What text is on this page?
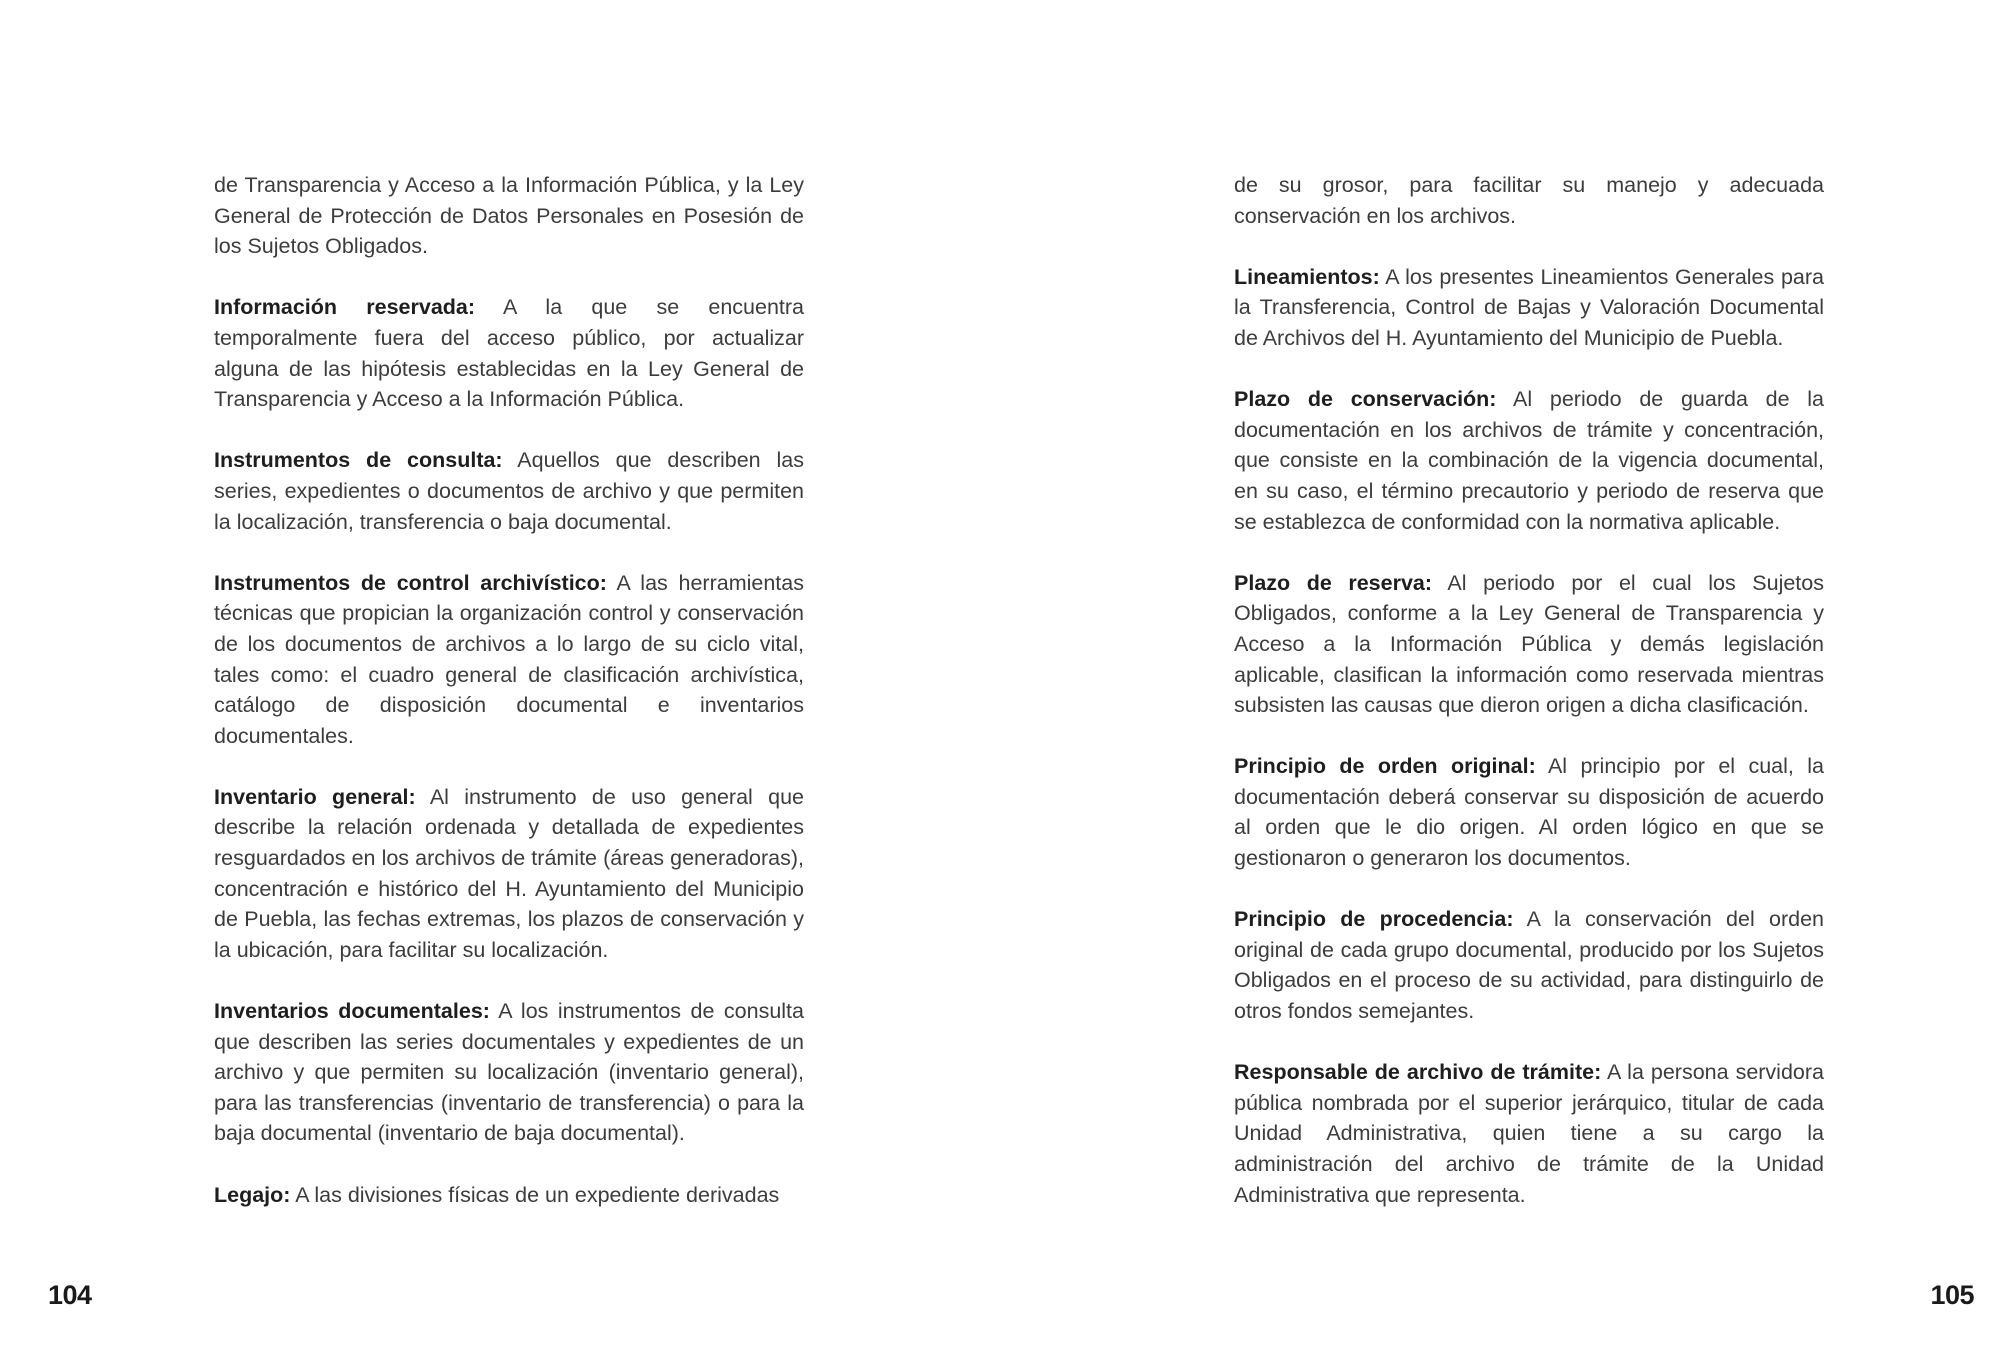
de Transparencia y Acceso a la Información Pública, y la Ley General de Protección de Datos Personales en Posesión de los Sujetos Obligados.

Información reservada: A la que se encuentra temporalmente fuera del acceso público, por actualizar alguna de las hipótesis establecidas en la Ley General de Transparencia y Acceso a la Información Pública.

Instrumentos de consulta: Aquellos que describen las series, expedientes o documentos de archivo y que permiten la localización, transferencia o baja documental.

Instrumentos de control archivístico: A las herramientas técnicas que propician la organización control y conservación de los documentos de archivos a lo largo de su ciclo vital, tales como: el cuadro general de clasificación archivística, catálogo de disposición documental e inventarios documentales.

Inventario general: Al instrumento de uso general que describe la relación ordenada y detallada de expedientes resguardados en los archivos de trámite (áreas generadoras), concentración e histórico del H. Ayuntamiento del Municipio de Puebla, las fechas extremas, los plazos de conservación y la ubicación, para facilitar su localización.

Inventarios documentales: A los instrumentos de consulta que describen las series documentales y expedientes de un archivo y que permiten su localización (inventario general), para las transferencias (inventario de transferencia) o para la baja documental (inventario de baja documental).

Legajo: A las divisiones físicas de un expediente derivadas

104

de su grosor, para facilitar su manejo y adecuada conservación en los archivos.

Lineamientos: A los presentes Lineamientos Generales para la Transferencia, Control de Bajas y Valoración Documental de Archivos del H. Ayuntamiento del Municipio de Puebla.

Plazo de conservación: Al periodo de guarda de la documentación en los archivos de trámite y concentración, que consiste en la combinación de la vigencia documental, en su caso, el término precautorio y periodo de reserva que se establezca de conformidad con la normativa aplicable.

Plazo de reserva: Al periodo por el cual los Sujetos Obligados, conforme a la Ley General de Transparencia y Acceso a la Información Pública y demás legislación aplicable, clasifican la información como reservada mientras subsisten las causas que dieron origen a dicha clasificación.

Principio de orden original: Al principio por el cual, la documentación deberá conservar su disposición de acuerdo al orden que le dio origen. Al orden lógico en que se gestionaron o generaron los documentos.

Principio de procedencia: A la conservación del orden original de cada grupo documental, producido por los Sujetos Obligados en el proceso de su actividad, para distinguirlo de otros fondos semejantes.

Responsable de archivo de trámite: A la persona servidora pública nombrada por el superior jerárquico, titular de cada Unidad Administrativa, quien tiene a su cargo la administración del archivo de trámite de la Unidad Administrativa que representa.

105
